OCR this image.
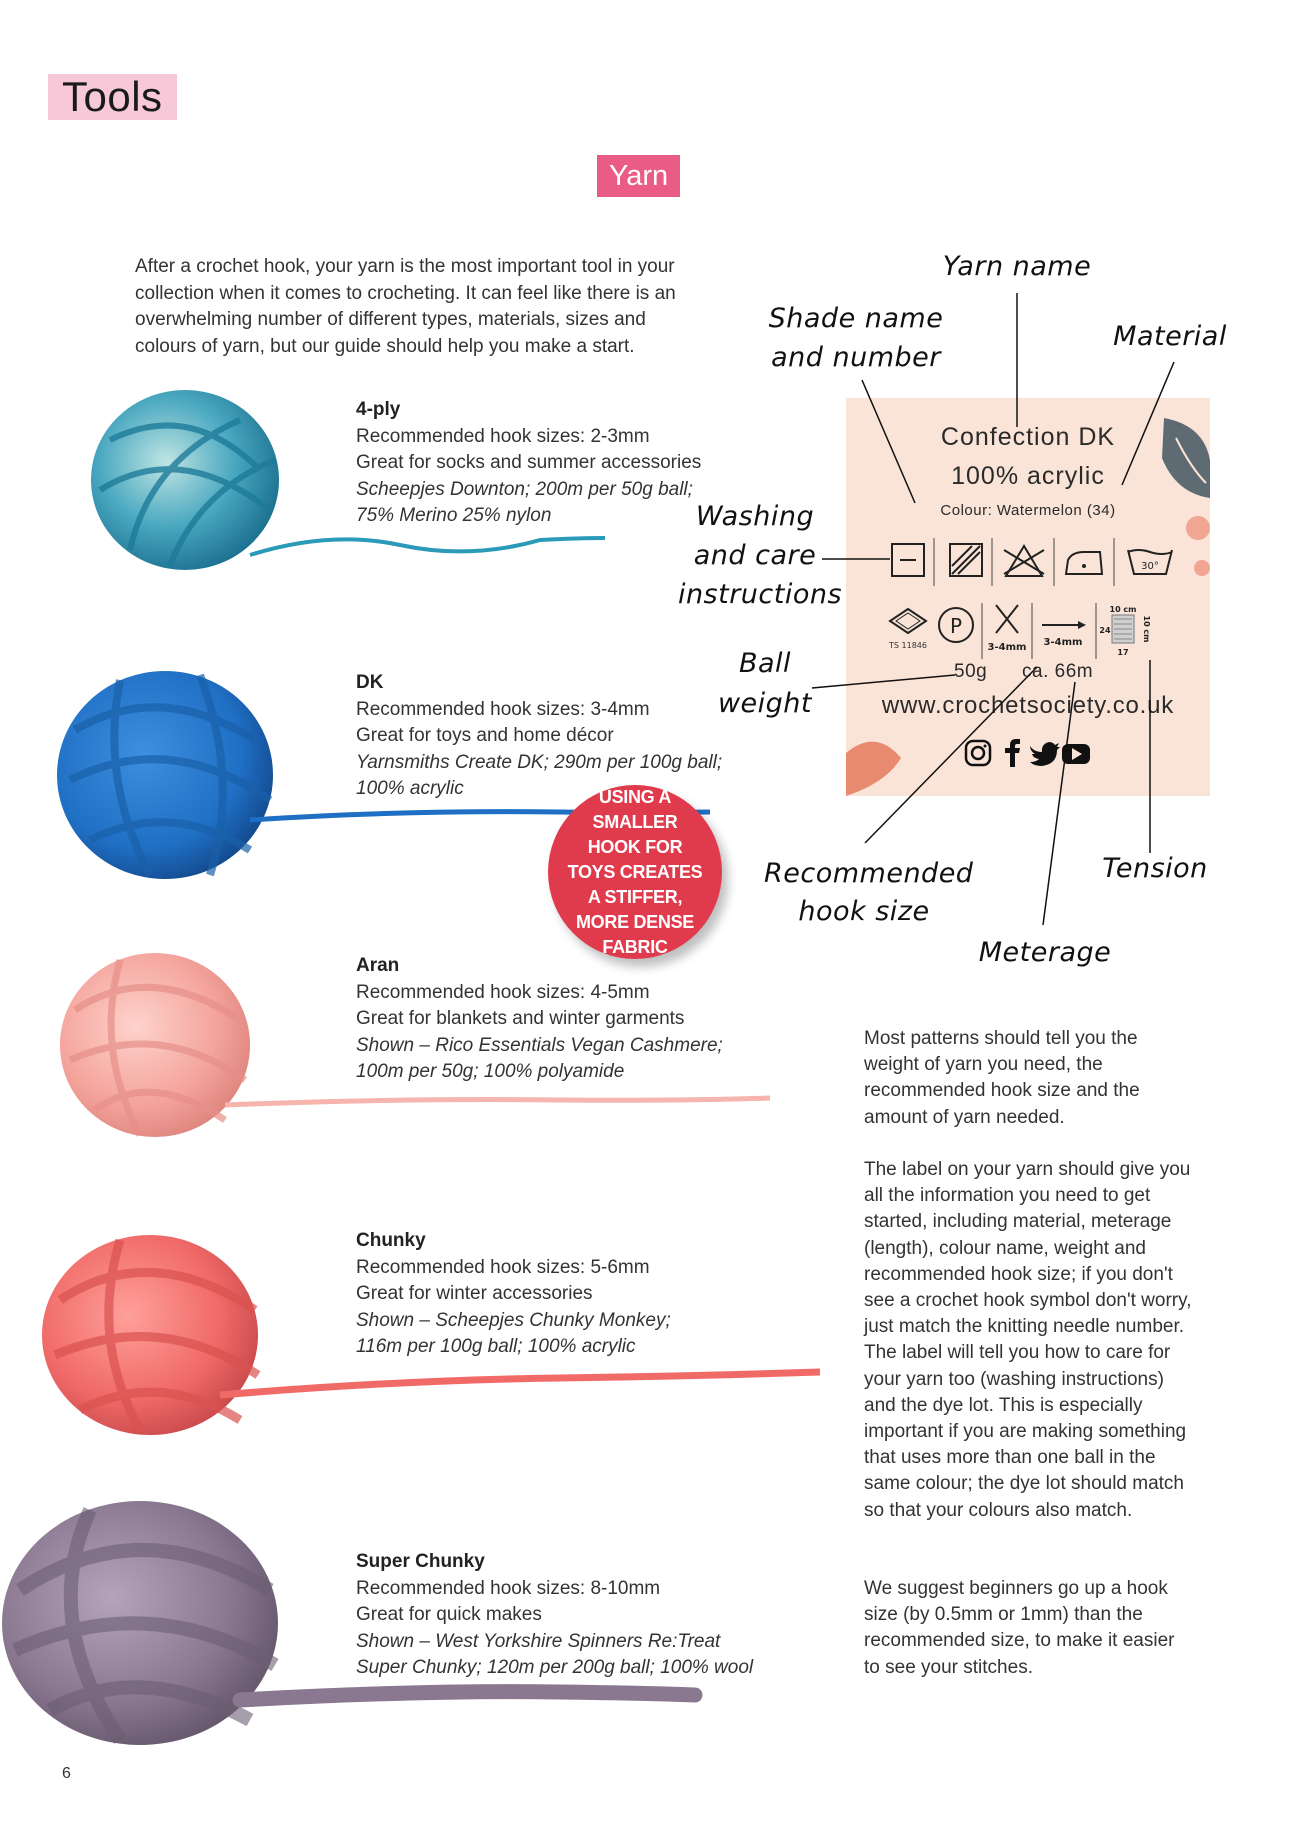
Tools
Yarn
After a crochet hook, your yarn is the most important tool in your collection when it comes to crocheting. It can feel like there is an overwhelming number of different types, materials, sizes and colours of yarn, but our guide should help you make a start.
4-ply
Recommended hook sizes: 2-3mm
Great for socks and summer accessories
Scheepjes Downton; 200m per 50g ball;
75% Merino 25% nylon
DK
Recommended hook sizes: 3-4mm
Great for toys and home décor
Yarnsmiths Create DK; 290m per 100g ball;
100% acrylic
Aran
Recommended hook sizes: 4-5mm
Great for blankets and winter garments
Shown – Rico Essentials Vegan Cashmere;
100m per 50g; 100% polyamide
Chunky
Recommended hook sizes: 5-6mm
Great for winter accessories
Shown – Scheepjes Chunky Monkey;
116m per 100g ball; 100% acrylic
Super Chunky
Recommended hook sizes: 8-10mm
Great for quick makes
Shown – West Yorkshire Spinners Re:Treat
Super Chunky; 120m per 200g ball; 100% wool
USING A SMALLER HOOK FOR TOYS CREATES A STIFFER, MORE DENSE FABRIC
Confection DK
100% acrylic
Colour: Watermelon (34)
30°
TS 11846
P
3-4mm 3-4mm
10 cm
24
17
10 cm
50g ca. 66m
www.crochetsociety.co.uk
Yarn name
Shade name
and number
Material
Washing
and care
instructions
Ball
weight
Recommended
hook size
Tension
Meterage
Most patterns should tell you the weight of yarn you need, the recommended hook size and the amount of yarn needed.
The label on your yarn should give you all the information you need to get started, including material, meterage (length), colour name, weight and recommended hook size; if you don't see a crochet hook symbol don't worry, just match the knitting needle number. The label will tell you how to care for your yarn too (washing instructions) and the dye lot. This is especially important if you are making something that uses more than one ball in the same colour; the dye lot should match so that your colours also match.
We suggest beginners go up a hook size (by 0.5mm or 1mm) than the recommended size, to make it easier to see your stitches.
6
